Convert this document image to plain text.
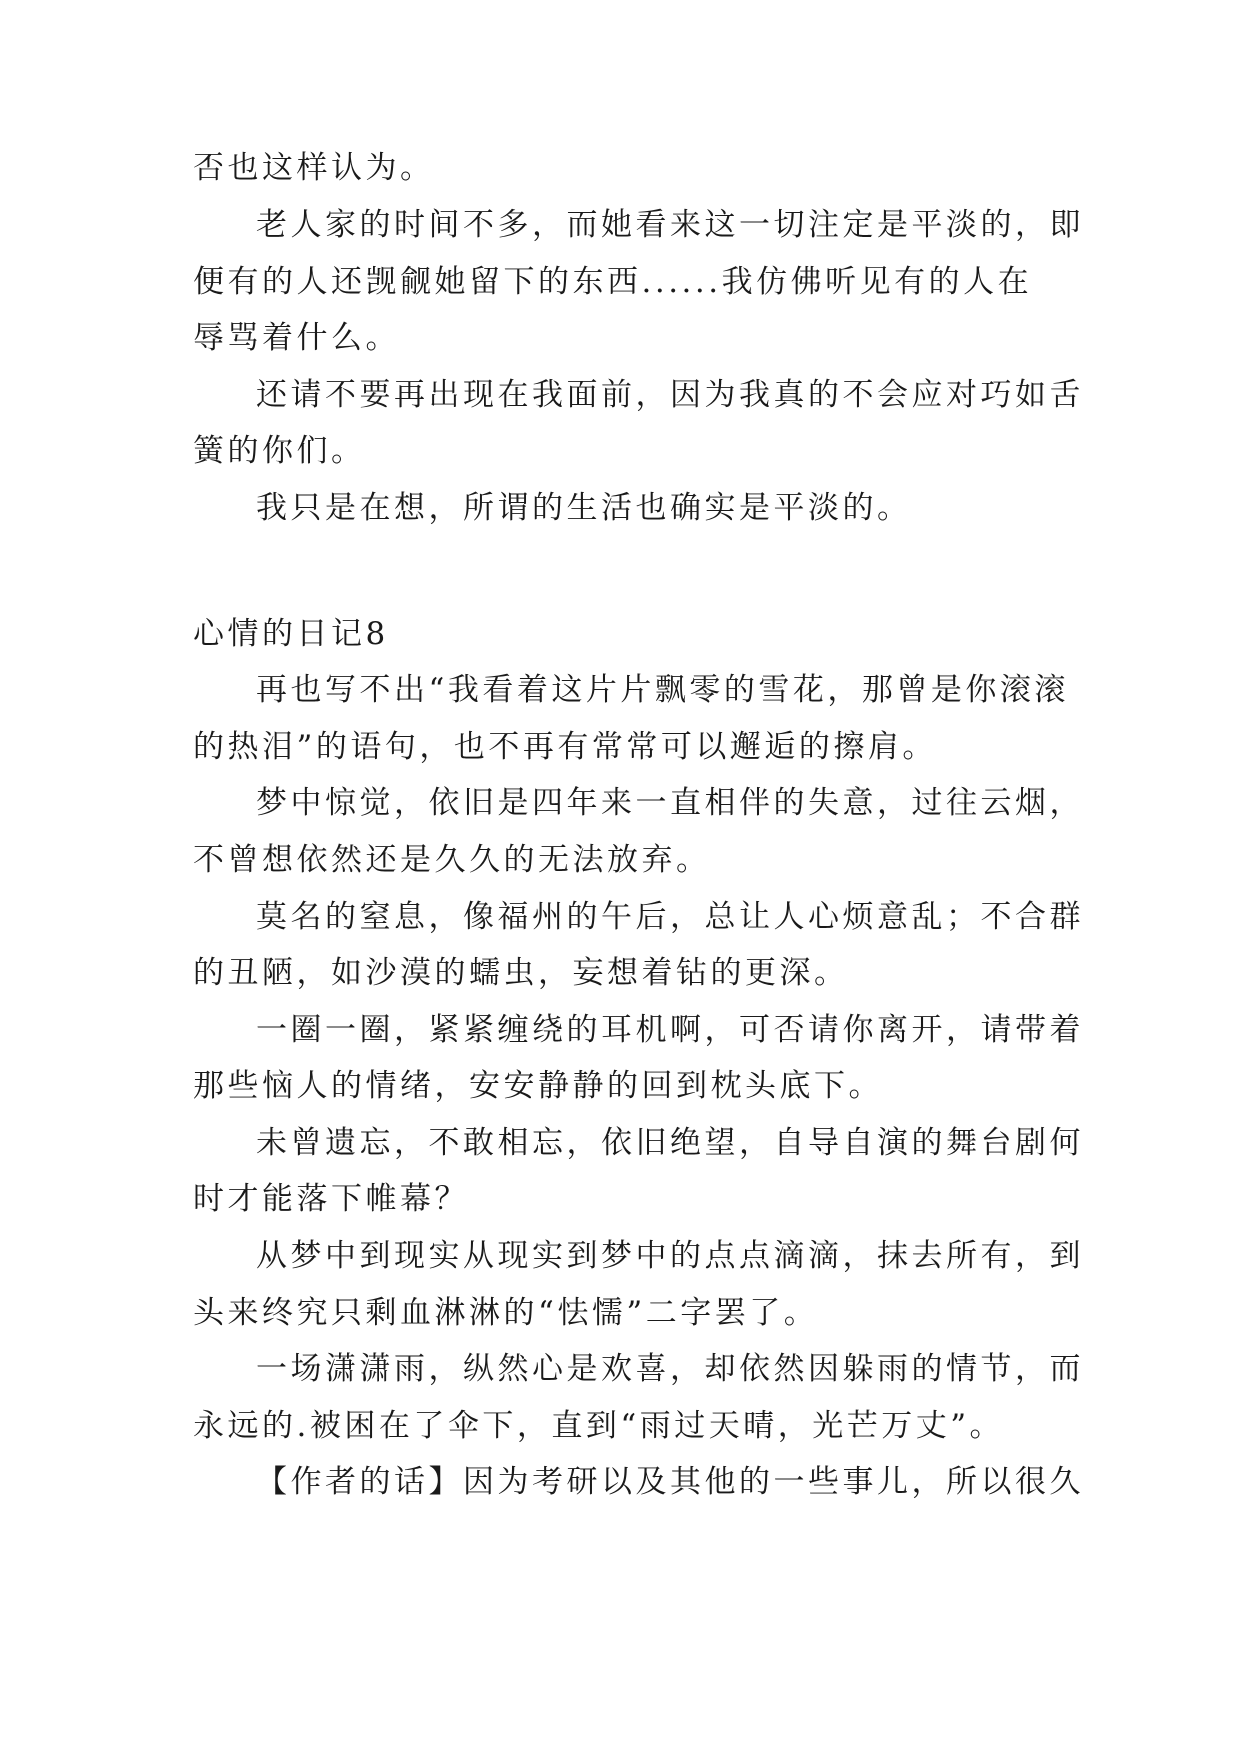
否也这样认为。

老人家的时间不多，而她看来这一切注定是平淡的，即

便有的人还觊觎她留下的东西......我仿佛听见有的人在

辱骂着什么。

还请不要再出现在我面前，因为我真的不会应对巧如舌

簧的你们。

我只是在想，所谓的生活也确实是平淡的。

心情的日记8

再也写不出“我看着这片片飘零的雪花，那曾是你滚滚

的热泪”的语句，也不再有常常可以邂逅的擦肩。

梦中惊觉，依旧是四年来一直相伴的失意，过往云烟，

不曾想依然还是久久的无法放弃。

莫名的窒息，像福州的午后，总让人心烦意乱；不合群

的丑陋，如沙漠的蠕虫，妄想着钻的更深。

一圈一圈，紧紧缠绕的耳机啊，可否请你离开，请带着

那些恼人的情绪，安安静静的回到枕头底下。

未曾遗忘，不敢相忘，依旧绝望，自导自演的舞台剧何

时才能落下帷幕？

从梦中到现实从现实到梦中的点点滴滴，抹去所有，到

头来终究只剩血淋淋的“怯懦”二字罢了。

一场潇潇雨，纵然心是欢喜，却依然因躲雨的情节，而

永远的.被困在了伞下，直到“雨过天晴，光芒万丈”。

【作者的话】因为考研以及其他的一些事儿，所以很久
